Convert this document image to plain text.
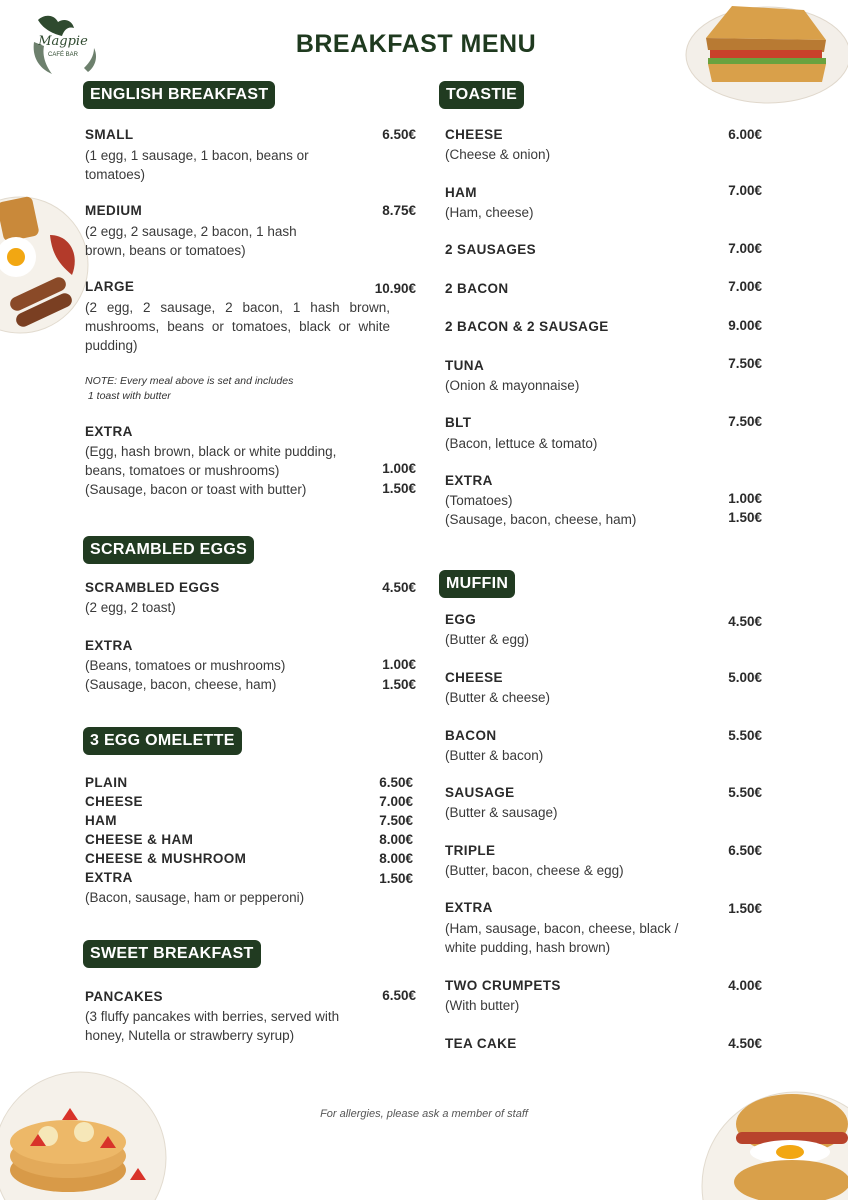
Magpie
CAFÉ BAR	BREAKFAST MENU
ENGLISH BREAKFAST
SMALL	6.50€
(1 egg, 1 sausage, 1 bacon, beans or tomatoes)
MEDIUM	8.75€
(2 egg, 2 sausage, 2 bacon, 1 hash brown, beans or tomatoes)
LARGE	10.90€
(2 egg, 2 sausage, 2 bacon, 1 hash brown, mushrooms, beans or tomatoes, black or white pudding)
NOTE: Every meal above is set and includes
1 toast with butter
EXTRA
(Egg, hash brown, black or white pudding,
beans, tomatoes or mushrooms)	1.00€
(Sausage, bacon or toast with butter)	1.50€
SCRAMBLED EGGS
SCRAMBLED EGGS	4.50€
(2 egg, 2 toast)
EXTRA
(Beans, tomatoes or mushrooms)	1.00€
(Sausage, bacon, cheese, ham)	1.50€
3 EGG OMELETTE
PLAIN	6.50€
CHEESE	7.00€
HAM	7.50€
CHEESE & HAM	8.00€
CHEESE & MUSHROOM	8.00€
EXTRA	1.50€
(Bacon, sausage, ham or pepperoni)
SWEET BREAKFAST
PANCAKES	6.50€
(3 fluffy pancakes with berries, served with honey, Nutella or strawberry syrup)
TOASTIE
CHEESE	6.00€
(Cheese & onion)
HAM	7.00€
(Ham, cheese)
2 SAUSAGES	7.00€
2 BACON	7.00€
2 BACON & 2 SAUSAGE	9.00€
TUNA	7.50€
(Onion & mayonnaise)
BLT	7.50€
(Bacon, lettuce & tomato)
EXTRA
(Tomatoes)	1.00€
(Sausage, bacon, cheese, ham)	1.50€
MUFFIN
EGG	4.50€
(Butter & egg)
CHEESE	5.00€
(Butter & cheese)
BACON	5.50€
(Butter & bacon)
SAUSAGE	5.50€
(Butter & sausage)
TRIPLE	6.50€
(Butter, bacon, cheese & egg)
EXTRA	1.50€
(Ham, sausage, bacon, cheese, black / white pudding, hash brown)
TWO CRUMPETS	4.00€
(With butter)
TEA CAKE	4.50€
For allergies, please ask a member of staff
